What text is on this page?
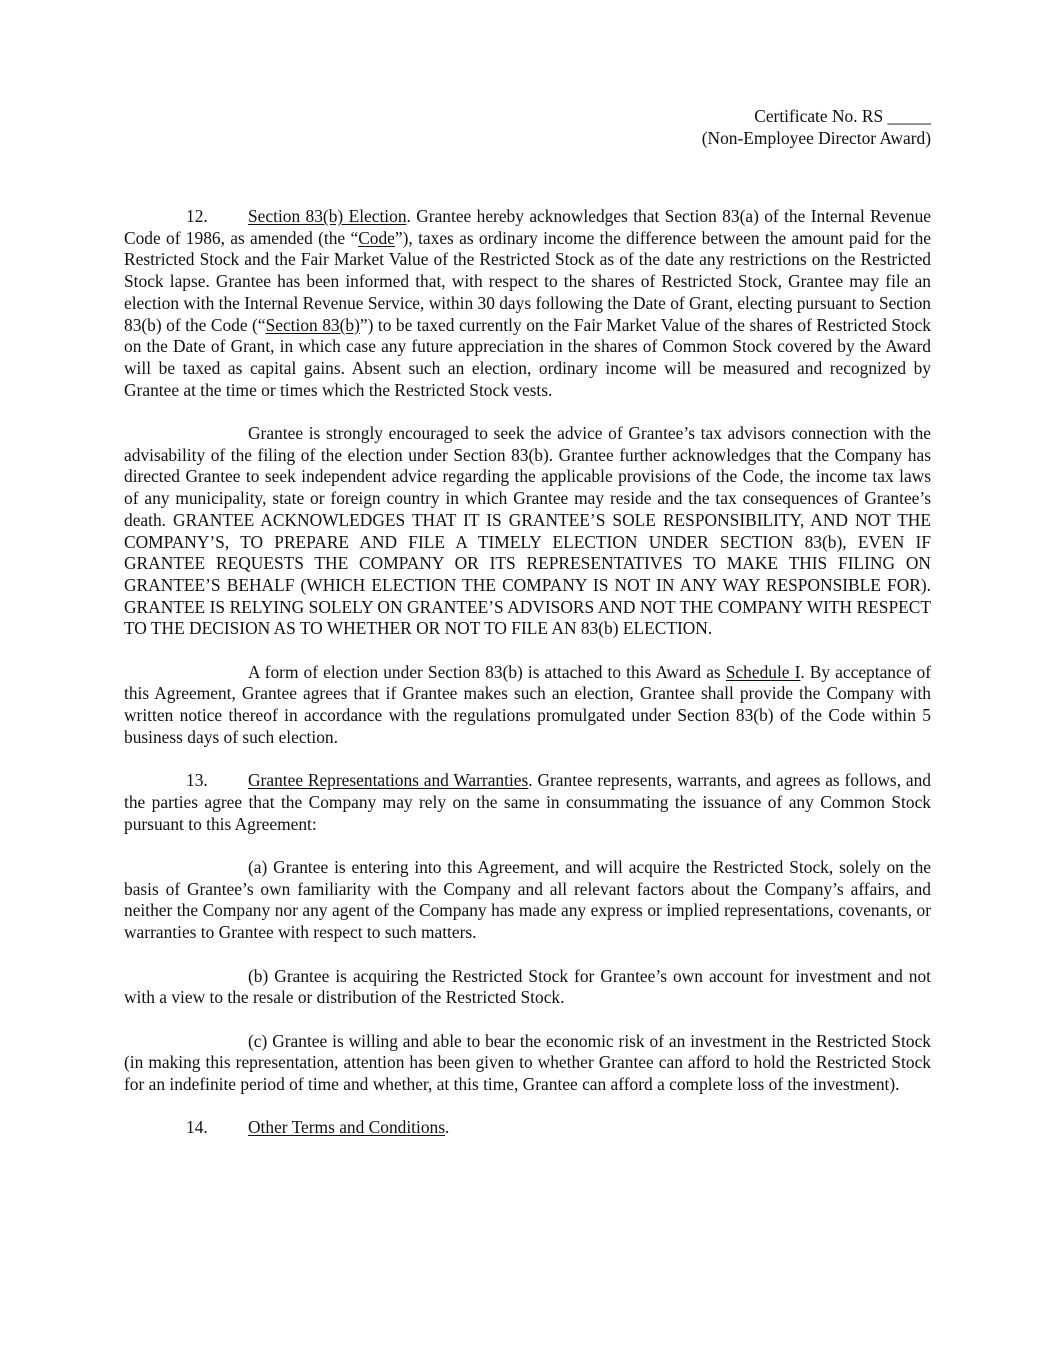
Certificate No. RS _____
(Non-Employee Director Award)

12. Section 83(b) Election. Grantee hereby acknowledges that Section 83(a) of the Internal Revenue Code of 1986, as amended (the “Code”), taxes as ordinary income the difference between the amount paid for the Restricted Stock and the Fair Market Value of the Restricted Stock as of the date any restrictions on the Restricted Stock lapse. Grantee has been informed that, with respect to the shares of Restricted Stock, Grantee may file an election with the Internal Revenue Service, within 30 days following the Date of Grant, electing pursuant to Section 83(b) of the Code (“Section 83(b)”) to be taxed currently on the Fair Market Value of the shares of Restricted Stock on the Date of Grant, in which case any future appreciation in the shares of Common Stock covered by the Award will be taxed as capital gains. Absent such an election, ordinary income will be measured and recognized by Grantee at the time or times which the Restricted Stock vests.

Grantee is strongly encouraged to seek the advice of Grantee’s tax advisors connection with the advisability of the filing of the election under Section 83(b). Grantee further acknowledges that the Company has directed Grantee to seek independent advice regarding the applicable provisions of the Code, the income tax laws of any municipality, state or foreign country in which Grantee may reside and the tax consequences of Grantee’s death. GRANTEE ACKNOWLEDGES THAT IT IS GRANTEE’S SOLE RESPONSIBILITY, AND NOT THE COMPANY’S, TO PREPARE AND FILE A TIMELY ELECTION UNDER SECTION 83(b), EVEN IF GRANTEE REQUESTS THE COMPANY OR ITS REPRESENTATIVES TO MAKE THIS FILING ON GRANTEE’S BEHALF (WHICH ELECTION THE COMPANY IS NOT IN ANY WAY RESPONSIBLE FOR). GRANTEE IS RELYING SOLELY ON GRANTEE’S ADVISORS AND NOT THE COMPANY WITH RESPECT TO THE DECISION AS TO WHETHER OR NOT TO FILE AN 83(b) ELECTION.

A form of election under Section 83(b) is attached to this Award as Schedule I. By acceptance of this Agreement, Grantee agrees that if Grantee makes such an election, Grantee shall provide the Company with written notice thereof in accordance with the regulations promulgated under Section 83(b) of the Code within 5 business days of such election.

13. Grantee Representations and Warranties. Grantee represents, warrants, and agrees as follows, and the parties agree that the Company may rely on the same in consummating the issuance of any Common Stock pursuant to this Agreement:

(a) Grantee is entering into this Agreement, and will acquire the Restricted Stock, solely on the basis of Grantee’s own familiarity with the Company and all relevant factors about the Company’s affairs, and neither the Company nor any agent of the Company has made any express or implied representations, covenants, or warranties to Grantee with respect to such matters.

(b) Grantee is acquiring the Restricted Stock for Grantee’s own account for investment and not with a view to the resale or distribution of the Restricted Stock.

(c) Grantee is willing and able to bear the economic risk of an investment in the Restricted Stock (in making this representation, attention has been given to whether Grantee can afford to hold the Restricted Stock for an indefinite period of time and whether, at this time, Grantee can afford a complete loss of the investment).

14. Other Terms and Conditions.
